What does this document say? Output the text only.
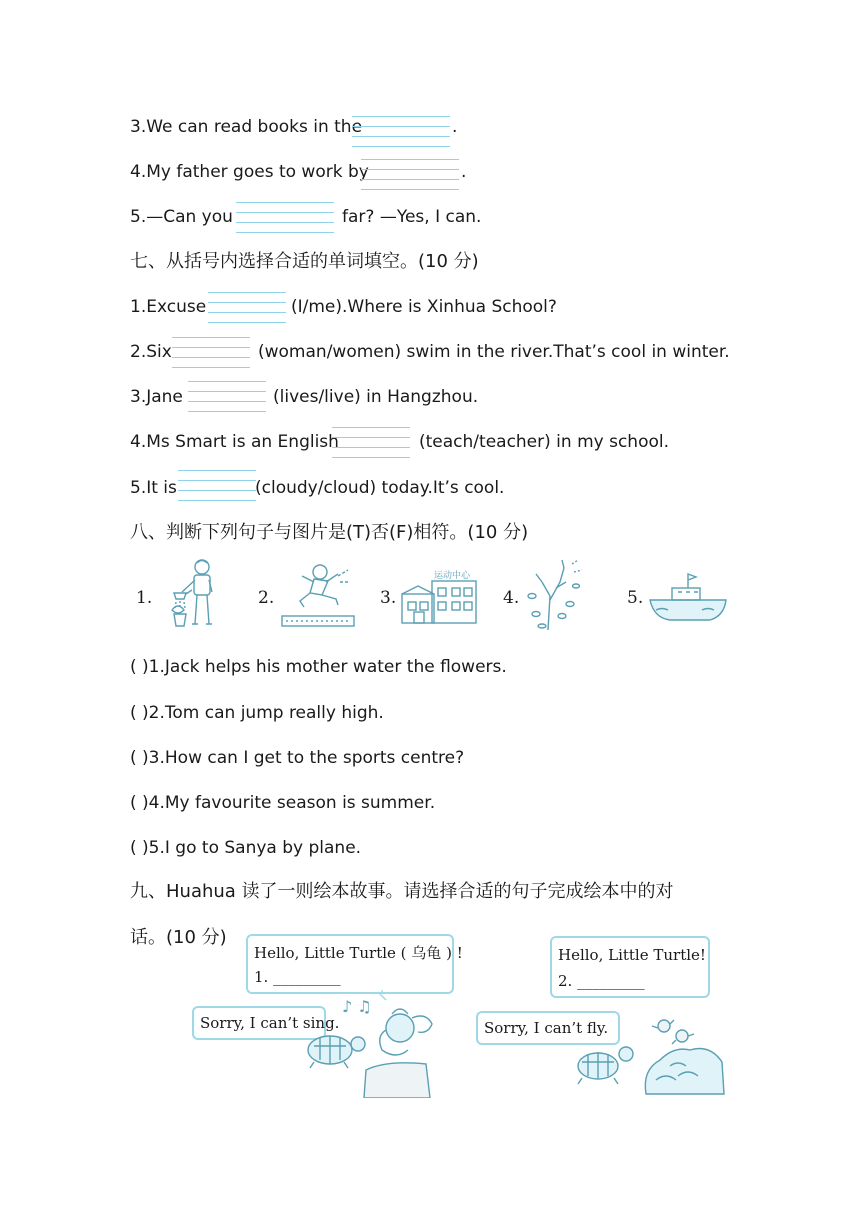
3.We can read books in the	.
4.My father goes to work by	.
5.—Can you	far? —Yes, I can.
七、从括号内选择合适的单词填空。(10 分)
1.Excuse	(I/me).Where is Xinhua School?
2.Six	(woman/women) swim in the river.That’s cool in winter.
3.Jane	(lives/live) in Hangzhou.
4.Ms Smart is an English	(teach/teacher) in my school.
5.It is	(cloudy/cloud) today.It’s cool.
八、判断下列句子与图片是(T)否(F)相符。(10 分)
1.	2.	3.
运动中心
4.	5.
( )1.Jack helps his mother water the flowers.
( )2.Tom can jump really high.
( )3.How can I get to the sports centre?
( )4.My favourite season is summer.
( )5.I go to Sanya by plane.
九、Huahua 读了一则绘本故事。请选择合适的句子完成绘本中的对
话。(10 分)
Hello, Little Turtle ( 乌龟 ) !
1. _________
Sorry, I can’t sing.
♪ ♫
Hello, Little Turtle!
2. _________
Sorry, I can’t fly.
